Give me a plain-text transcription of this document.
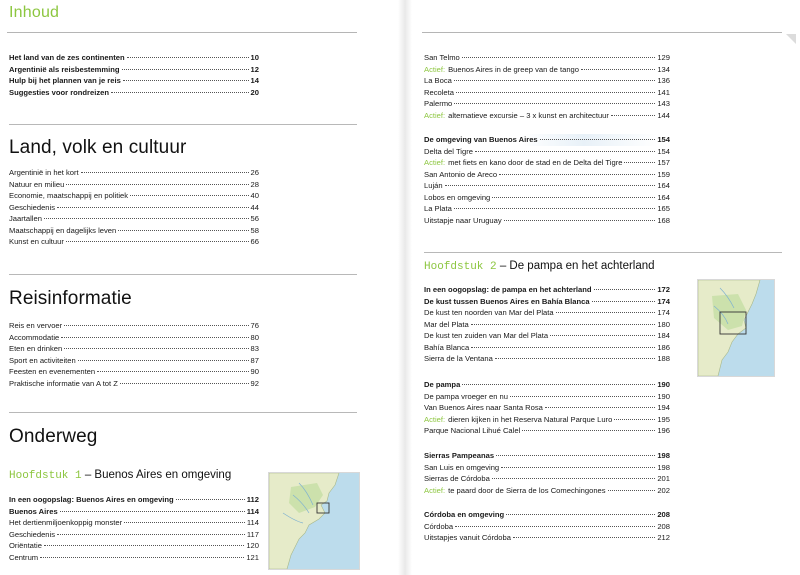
Inhoud
Het land van de zes continenten	10
Argentinië als reisbestemming	12
Hulp bij het plannen van je reis	14
Suggesties voor rondreizen	20
Land, volk en cultuur
Argentinië in het kort	26
Natuur en milieu	28
Economie, maatschappij en politiek	40
Geschiedenis	44
Jaartallen	56
Maatschappij en dagelijks leven	58
Kunst en cultuur	66
Reisinformatie
Reis en vervoer	76
Accommodatie	80
Eten en drinken	83
Sport en activiteiten	87
Feesten en evenementen	90
Praktische informatie van A tot Z	92
Onderweg
Hoofdstuk 1 – Buenos Aires en omgeving
In een oogopslag: Buenos Aires en omgeving	112
Buenos Aires	114
Het dertienmiljoenkoppig monster	114
Geschiedenis	117
Oriëntatie	120
Centrum	121
San Telmo	129
Actief: Buenos Aires in de greep van de tango	134
La Boca	136
Recoleta	141
Palermo	143
Actief: alternatieve excursie – 3 x kunst en architectuur	144
De omgeving van Buenos Aires	154
Delta del Tigre	154
Actief: met fiets en kano door de stad en de Delta del Tigre	157
San Antonio de Areco	159
Luján	164
Lobos en omgeving	164
La Plata	165
Uitstapje naar Uruguay	168
Hoofdstuk 2 – De pampa en het achterland
In een oogopslag: de pampa en het achterland	172
De kust tussen Buenos Aires en Bahía Blanca	174
De kust ten noorden van Mar del Plata	174
Mar del Plata	180
De kust ten zuiden van Mar del Plata	184
Bahía Blanca	186
Sierra de la Ventana	188
De pampa	190
De pampa vroeger en nu	190
Van Buenos Aires naar Santa Rosa	194
Actief: dieren kijken in het Reserva Natural Parque Luro	195
Parque Nacional Lihué Calel	196
Sierras Pampeanas	198
San Luis en omgeving	198
Sierras de Córdoba	201
Actief: te paard door de Sierra de los Comechingones	202
Córdoba en omgeving	208
Córdoba	208
Uitstapjes vanuit Córdoba	212
